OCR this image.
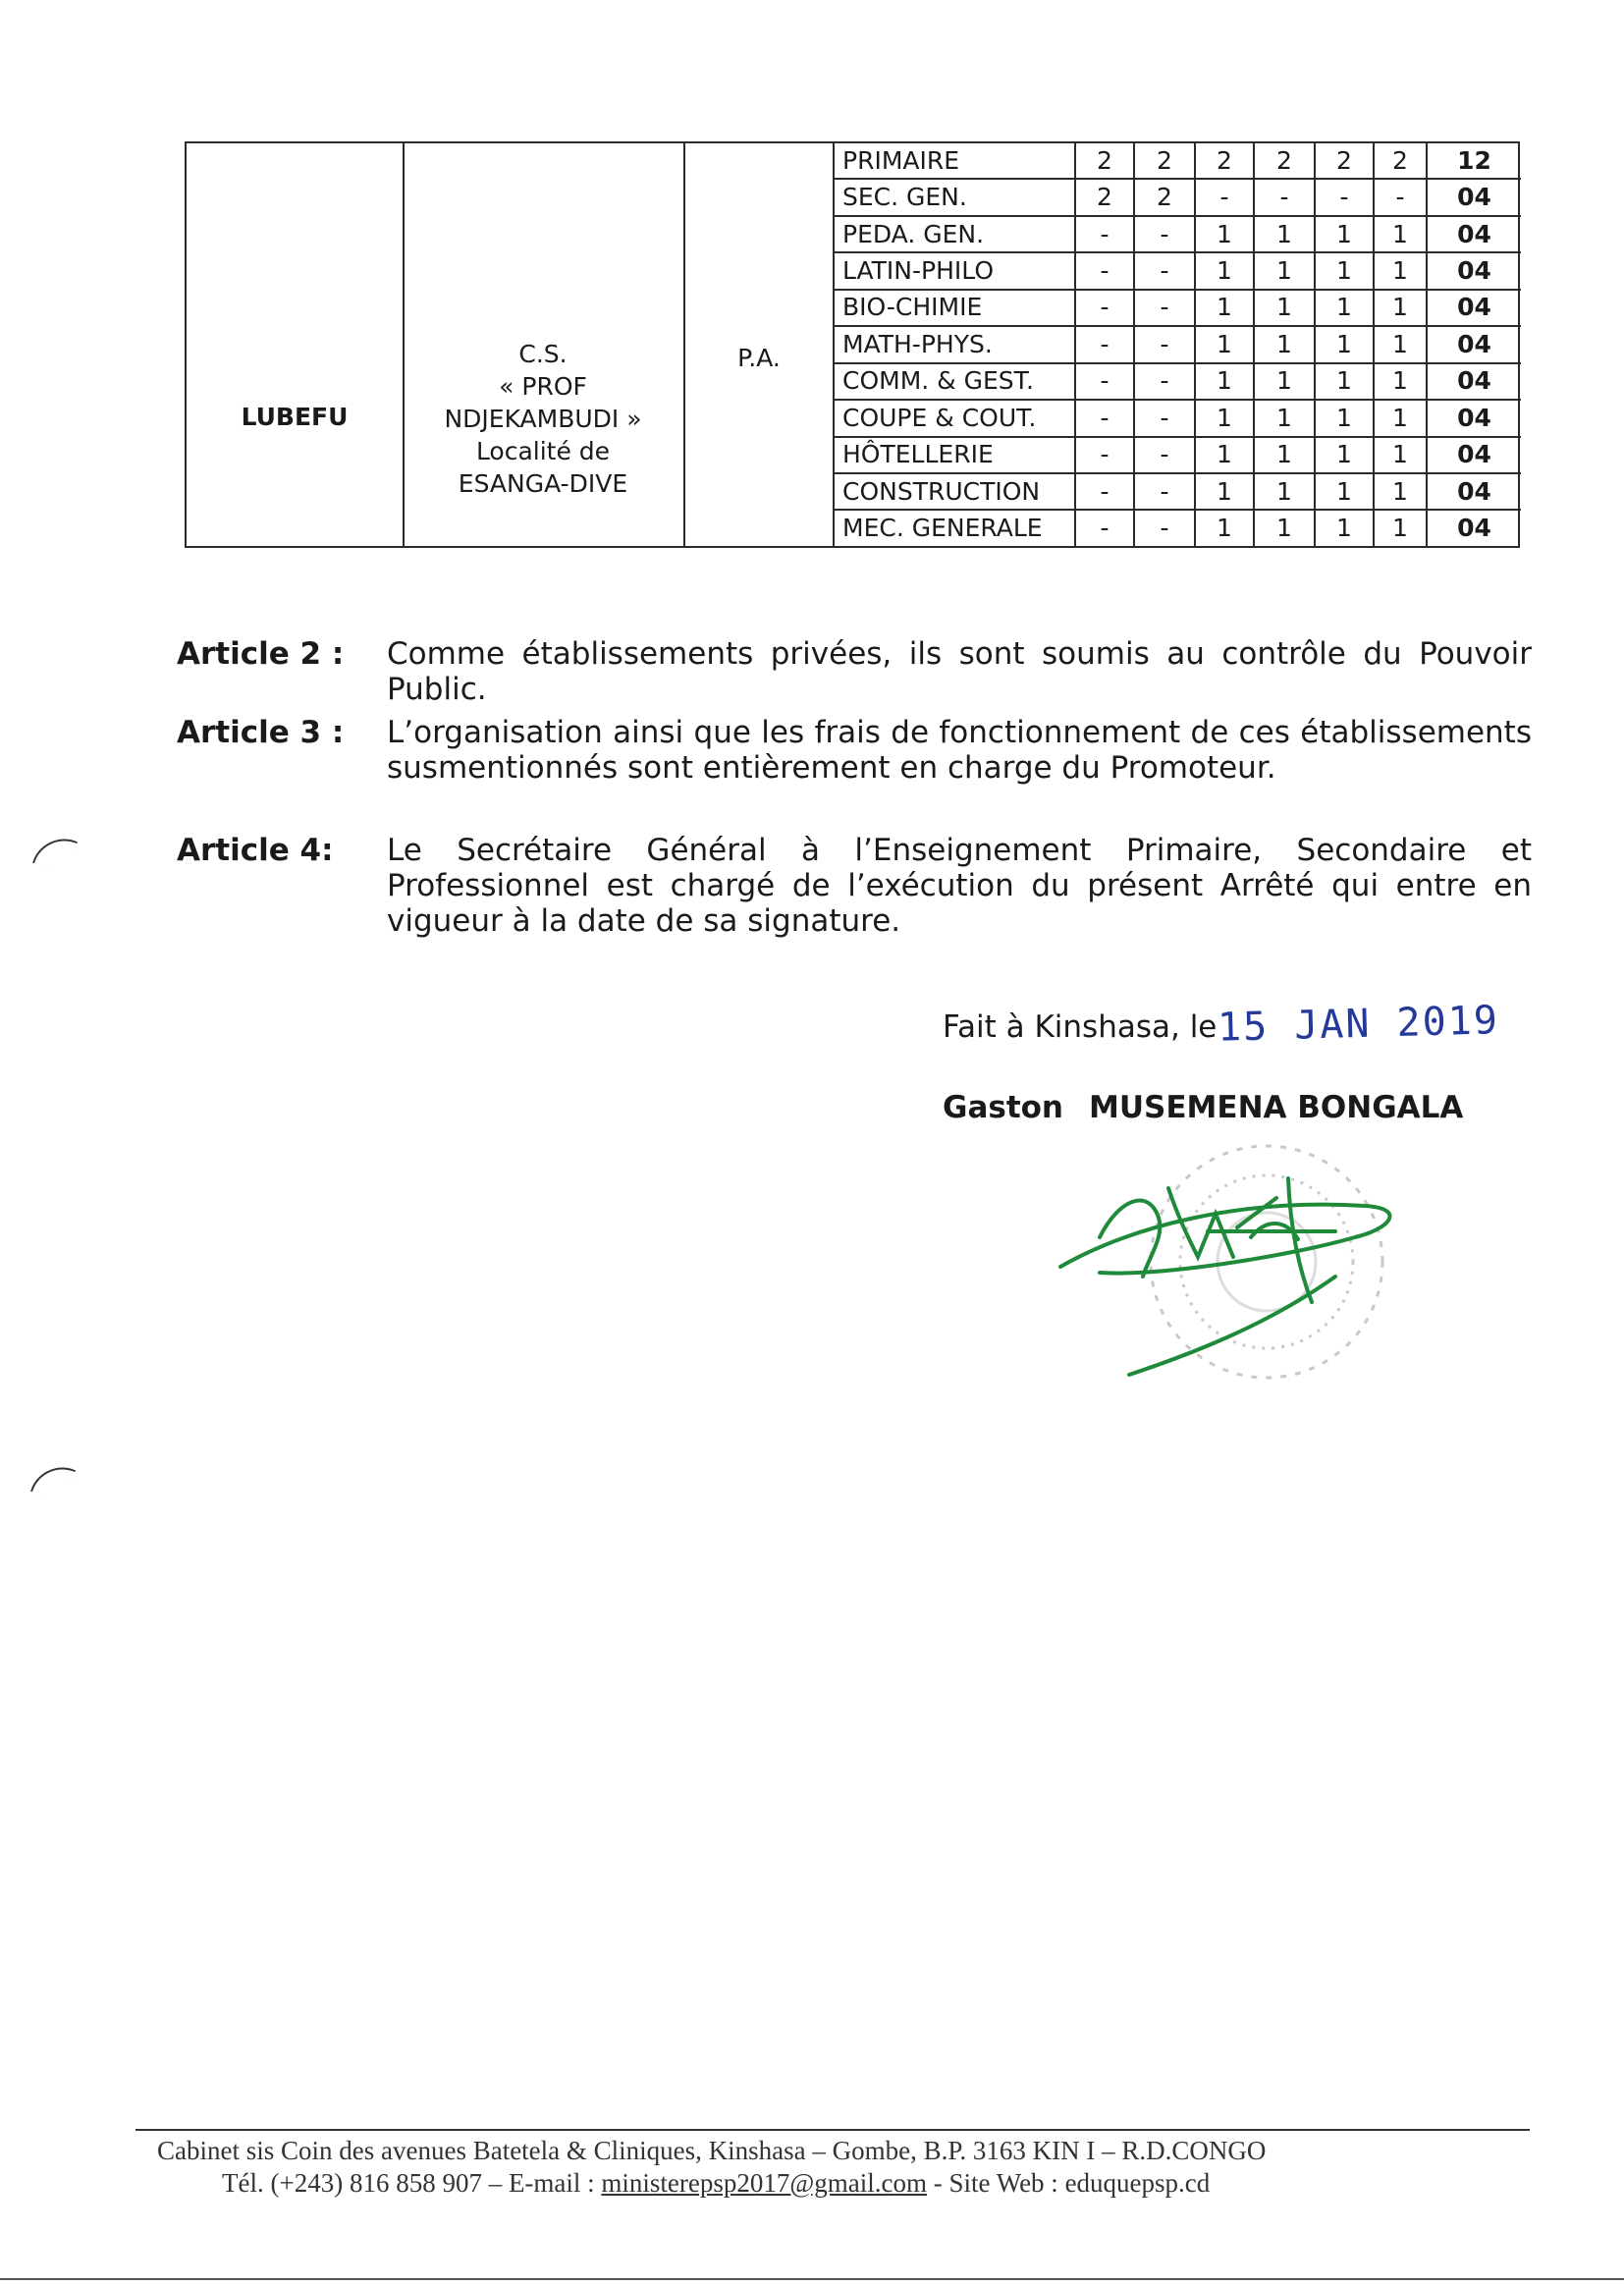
LUBEFU
C.S.
« PROF
NDJEKAMBUDI »
Localité de
ESANGA-DIVE
P.A.
PRIMAIRE	2	2	2	2	2	2	12
SEC. GEN.	2	2	-	-	-	-	04
PEDA. GEN.	-	-	1	1	1	1	04
LATIN-PHILO	-	-	1	1	1	1	04
BIO-CHIMIE	-	-	1	1	1	1	04
MATH-PHYS.	-	-	1	1	1	1	04
COMM. & GEST.	-	-	1	1	1	1	04
COUPE & COUT.	-	-	1	1	1	1	04
HÔTELLERIE	-	-	1	1	1	1	04
CONSTRUCTION	-	-	1	1	1	1	04
MEC. GENERALE	-	-	1	1	1	1	04
Article 2 : Comme établissements privées, ils sont soumis au contrôle du Pouvoir Public.
Article 3 : L’organisation ainsi que les frais de fonctionnement de ces établissements susmentionnés sont entièrement en charge du Promoteur.
Article 4: Le Secrétaire Général à l’Enseignement Primaire, Secondaire et Professionnel est chargé de l’exécution du présent Arrêté qui entre en vigueur à la date de sa signature.
Fait à Kinshasa, le 15 JAN 2019
Gaston MUSEMENA BONGALA
Cabinet sis Coin des avenues Batetela & Cliniques, Kinshasa – Gombe, B.P. 3163 KIN I – R.D.CONGO
Tél. (+243) 816 858 907 – E-mail : ministerepsp2017@gmail.com - Site Web : eduquepsp.cd
